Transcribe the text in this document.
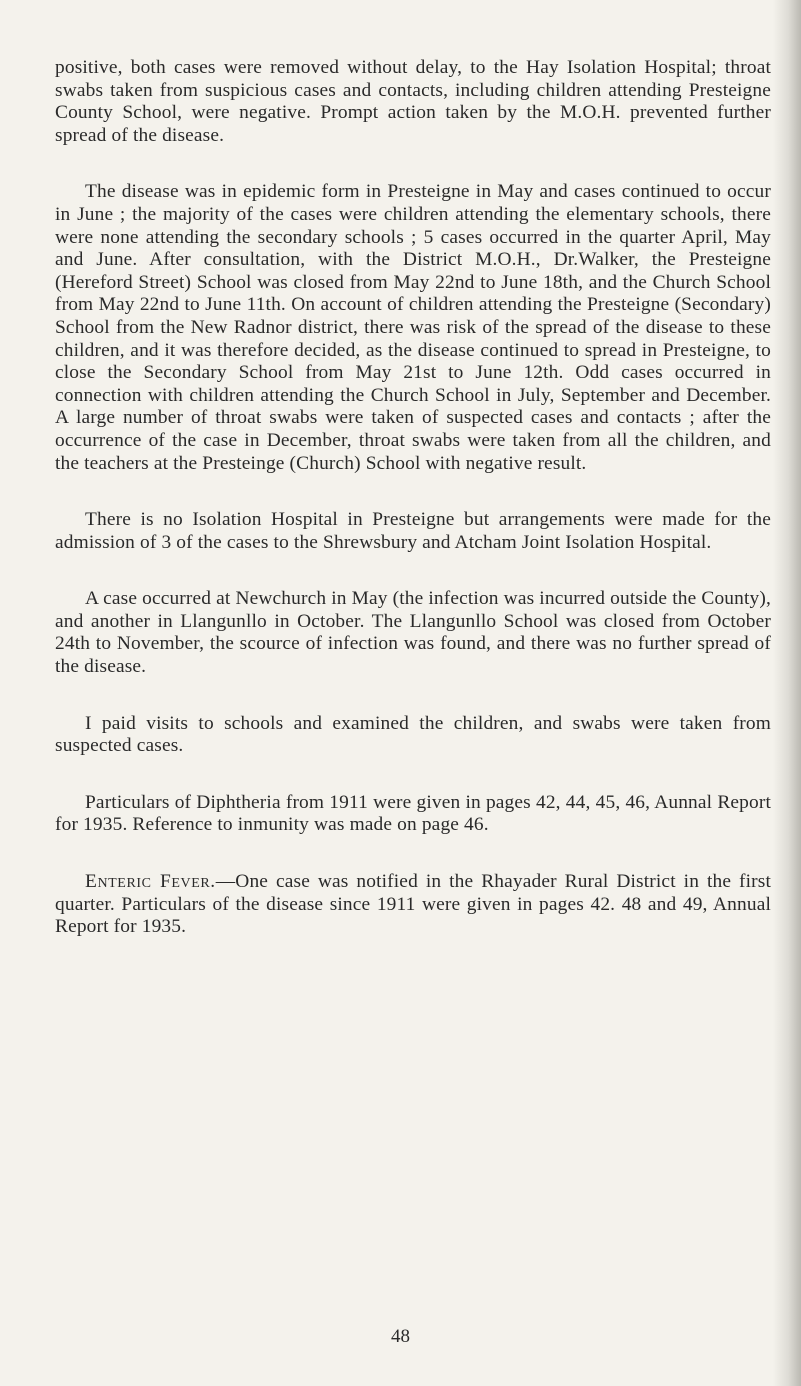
positive, both cases were removed without delay, to the Hay Isolation Hospital; throat swabs taken from suspicious cases and contacts, including children attending Presteigne County School, were negative. Prompt action taken by the M.O.H. prevented further spread of the disease.

The disease was in epidemic form in Presteigne in May and cases continued to occur in June ; the majority of the cases were children attending the elementary schools, there were none attending the secondary schools ; 5 cases occurred in the quarter April, May and June. After consultation, with the District M.O.H., Dr.Walker, the Presteigne (Hereford Street) School was closed from May 22nd to June 18th, and the Church School from May 22nd to June 11th. On account of children attending the Presteigne (Secondary) School from the New Radnor district, there was risk of the spread of the disease to these children, and it was therefore decided, as the disease continued to spread in Presteigne, to close the Secondary School from May 21st to June 12th. Odd cases occurred in connection with children attending the Church School in July, September and December. A large number of throat swabs were taken of suspected cases and contacts ; after the occurrence of the case in December, throat swabs were taken from all the children, and the teachers at the Presteinge (Church) School with negative result.

There is no Isolation Hospital in Presteigne but arrangements were made for the admission of 3 of the cases to the Shrewsbury and Atcham Joint Isolation Hospital.

A case occurred at Newchurch in May (the infection was incurred outside the County), and another in Llangunllo in October. The Llangunllo School was closed from October 24th to November, the scource of infection was found, and there was no further spread of the disease.

I paid visits to schools and examined the children, and swabs were taken from suspected cases.

Particulars of Diphtheria from 1911 were given in pages 42, 44, 45, 46, Aunnal Report for 1935. Reference to inmunity was made on page 46.

Enteric Fever.—One case was notified in the Rhayader Rural District in the first quarter. Particulars of the disease since 1911 were given in pages 42. 48 and 49, Annual Report for 1935.

48
